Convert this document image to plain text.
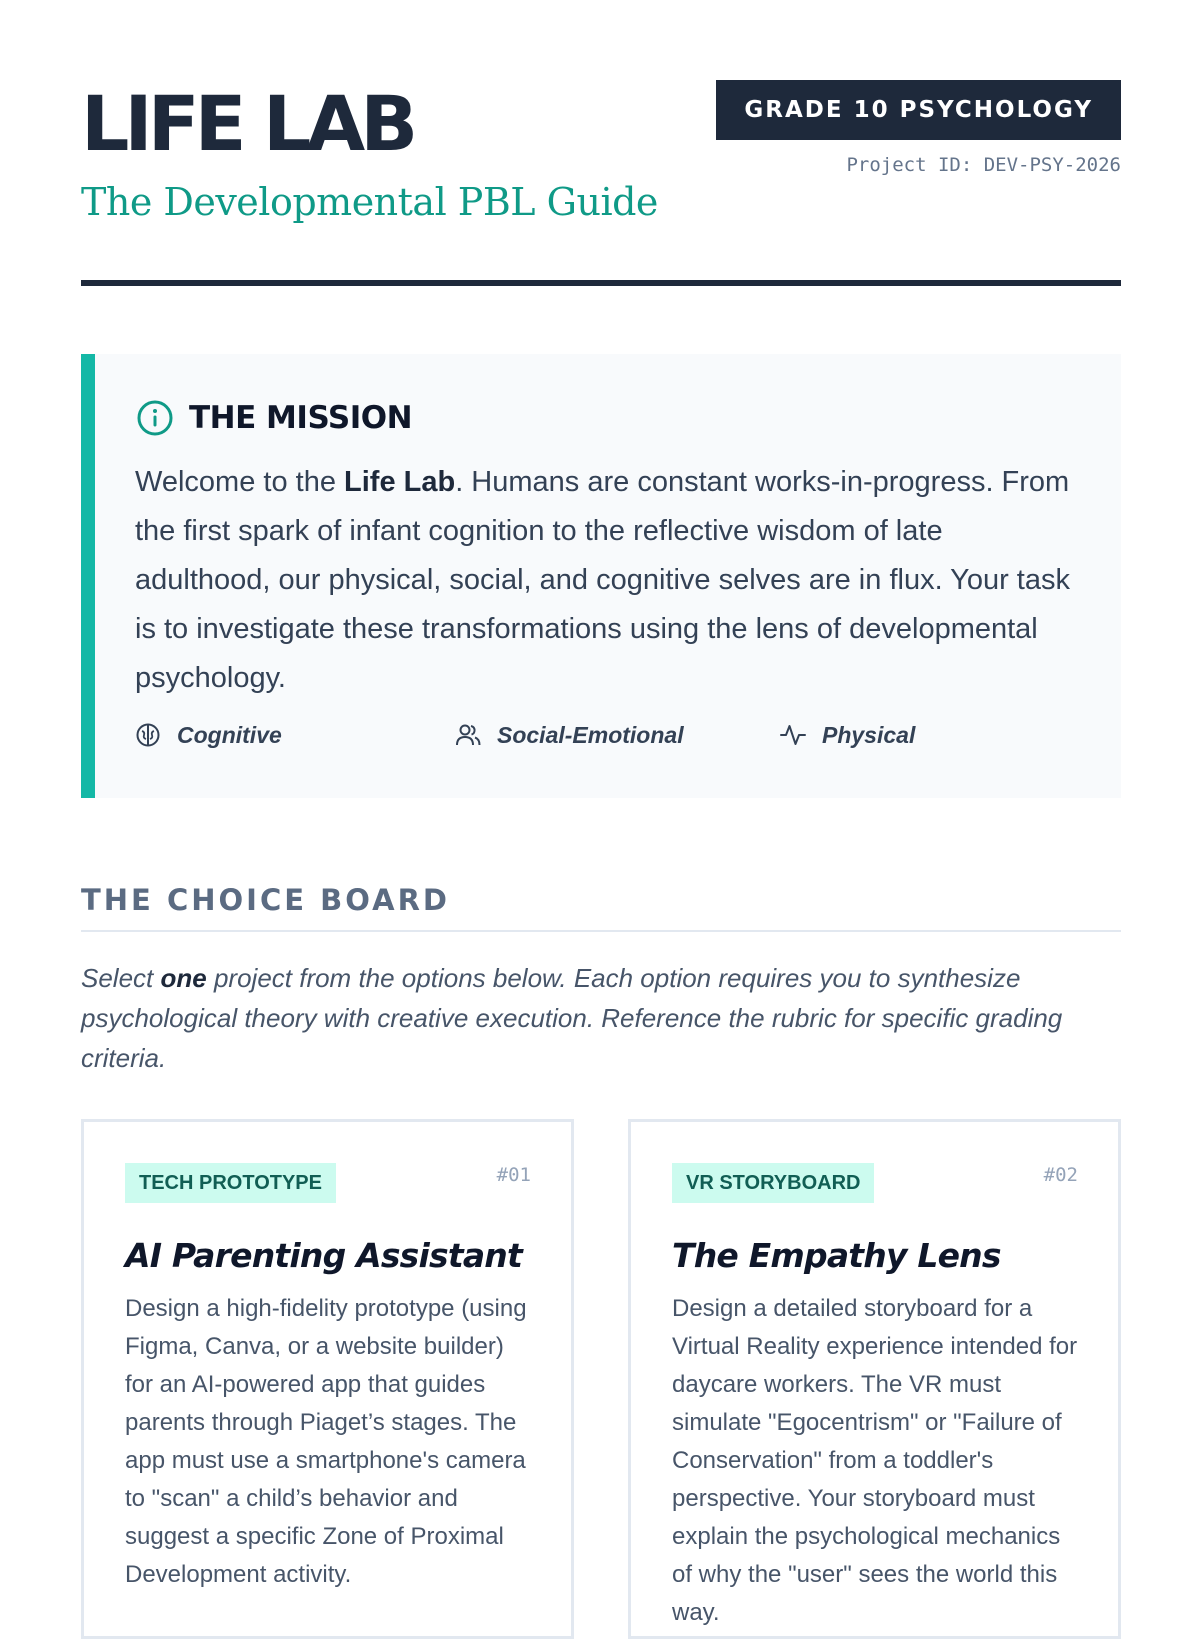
LIFE LAB
The Developmental PBL Guide
GRADE 10 PSYCHOLOGY
Project ID: DEV-PSY-2026
THE MISSION

Welcome to the Life Lab. Humans are constant works-in-progress. From the first spark of infant cognition to the reflective wisdom of late adulthood, our physical, social, and cognitive selves are in flux. Your task is to investigate these transformations using the lens of developmental psychology.

Cognitive	Social-Emotional	Physical
THE CHOICE BOARD

Select one project from the options below. Each option requires you to synthesize psychological theory with creative execution. Reference the rubric for specific grading criteria.

TECH PROTOTYPE	#01
AI Parenting Assistant

Design a high-fidelity prototype (using Figma, Canva, or a website builder) for an AI-powered app that guides parents through Piaget’s stages. The app must use a smartphone's camera to "scan" a child’s behavior and suggest a specific Zone of Proximal Development activity.

VR STORYBOARD	#02
The Empathy Lens

Design a detailed storyboard for a Virtual Reality experience intended for daycare workers. The VR must simulate "Egocentrism" or "Failure of Conservation" from a toddler's perspective. Your storyboard must explain the psychological mechanics of why the "user" sees the world this way.
